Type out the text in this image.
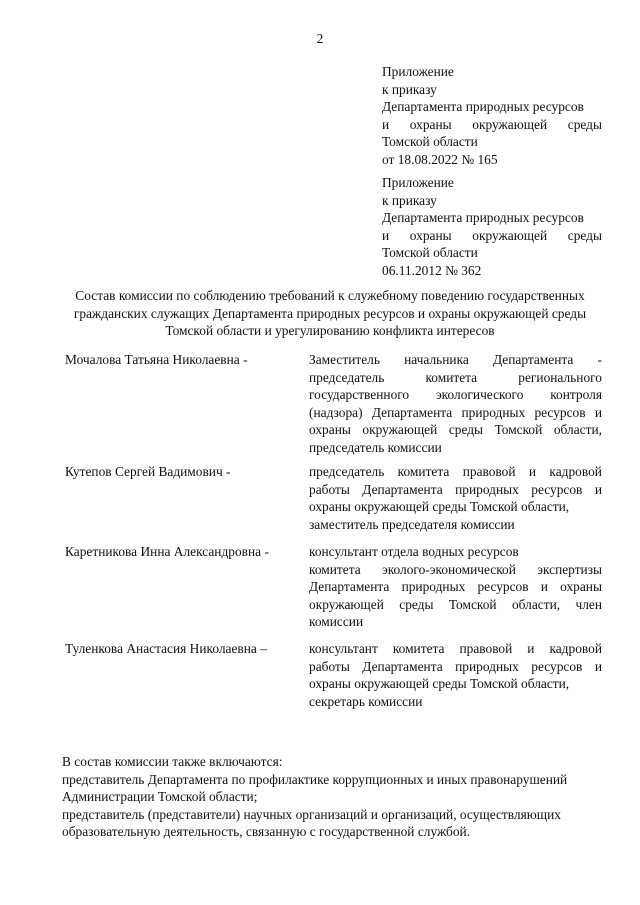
2
Приложение
к приказу
Департамента природных ресурсов
и охраны окружающей среды
Томской области
от 18.08.2022 № 165
Приложение
к приказу
Департамента природных ресурсов
и охраны окружающей среды
Томской области
06.11.2012 № 362
Состав комиссии по соблюдению требований к служебному поведению государственных
гражданских служащих Департамента природных ресурсов и охраны окружающей среды
Томской области и урегулированию конфликта интересов
Мочалова Татьяна Николаевна -	Заместитель начальника Департамента -
председатель	комитета	регионального
государственного экологического контроля
(надзора) Департамента природных ресурсов и
охраны окружающей среды Томской области,
председатель комиссии
Кутепов Сергей Вадимович -	председатель комитета правовой и кадровой
работы Департамента природных ресурсов и
охраны окружающей среды Томской области,
заместитель председателя комиссии
Каретникова Инна Александровна -	консультант отдела водных ресурсов
комитета эколого-экономической экспертизы
Департамента природных ресурсов и охраны
окружающей среды Томской области, член
комиссии
Туленкова Анастасия Николаевна –	консультант комитета правовой и кадровой
работы Департамента природных ресурсов и
охраны окружающей среды Томской области,
секретарь комиссии

В состав комиссии также включаются:

представитель Департамента по профилактике коррупционных и иных правонарушений

Администрации Томской области;

представитель (представители) научных организаций и организаций, осуществляющих

образовательную деятельность, связанную с государственной службой.
